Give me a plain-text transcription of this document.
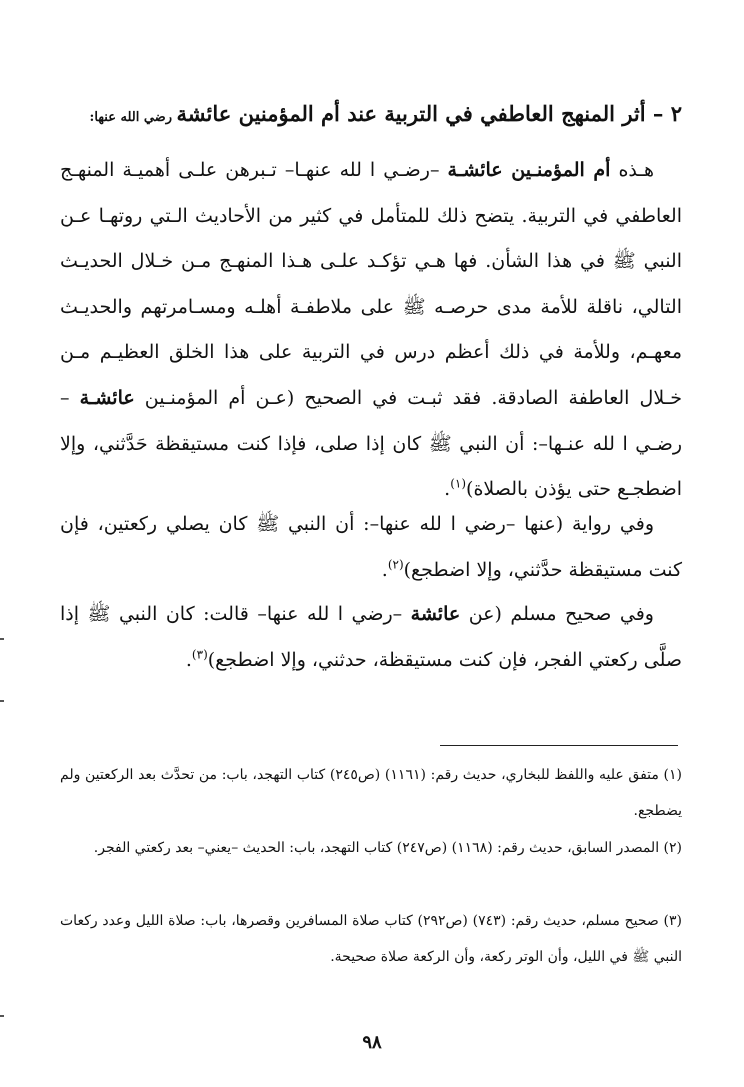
٢ – أثر المنهج العاطفي في التربية عند أم المؤمنين عائشة رضي الله عنها:

هـذه أم المؤمنـين عائشـة –رضـي ا لله عنهـا– تـبرهن علـى أهميـة المنهـج العاطفي في التربية. يتضح ذلك للمتأمل في كثير من الأحاديث الـتي روتهـا عـن النبي ﷺ في هذا الشأن. فها هـي تؤكـد علـى هـذا المنهـج مـن خـلال الحديـث التالي، ناقلة للأمة مدى حرصـه ﷺ على ملاطفـة أهلـه ومسـامرتهم والحديـث معهـم، وللأمة في ذلك أعظم درس في التربية على هذا الخلق العظيـم مـن خـلال العاطفة الصادقة. فقد ثبـت في الصحيح (عـن أم المؤمنـين عائشـة –رضـي ا لله عنـها–: أن النبي ﷺ كان إذا صلى، فإذا كنت مستيقظة حَدَّثني، وإلا اضطجـع حتى يؤذن بالصلاة)$^{(١)}$.

وفي رواية (عنها –رضي ا لله عنها–: أن النبي ﷺ كان يصلي ركعتين، فإن كنت مستيقظة حدَّثني، وإلا اضطجع)$^{(٢)}$.

وفي صحيح مسلم (عن عائشة –رضي ا لله عنها– قالت: كان النبي ﷺ إذا صلَّى ركعتي الفجر، فإن كنت مستيقظة، حدثني، وإلا اضطجع)$^{(٣)}$.

(١) متفق عليه واللفظ للبخاري، حديث رقم: (١١٦١) (ص٢٤٥) كتاب التهجد، باب: من تحدَّث بعد الركعتين ولم يضطجع.

(٢) المصدر السابق، حديث رقم: (١١٦٨) (ص٢٤٧) كتاب التهجد، باب: الحديث –يعني– بعد ركعتي الفجر.

(٣) صحيح مسلم، حديث رقم: (٧٤٣) (ص٢٩٢) كتاب صلاة المسافرين وقصرها، باب: صلاة الليل وعدد ركعات النبي ﷺ في الليل، وأن الوتر ركعة، وأن الركعة صلاة صحيحة.

٩٨
